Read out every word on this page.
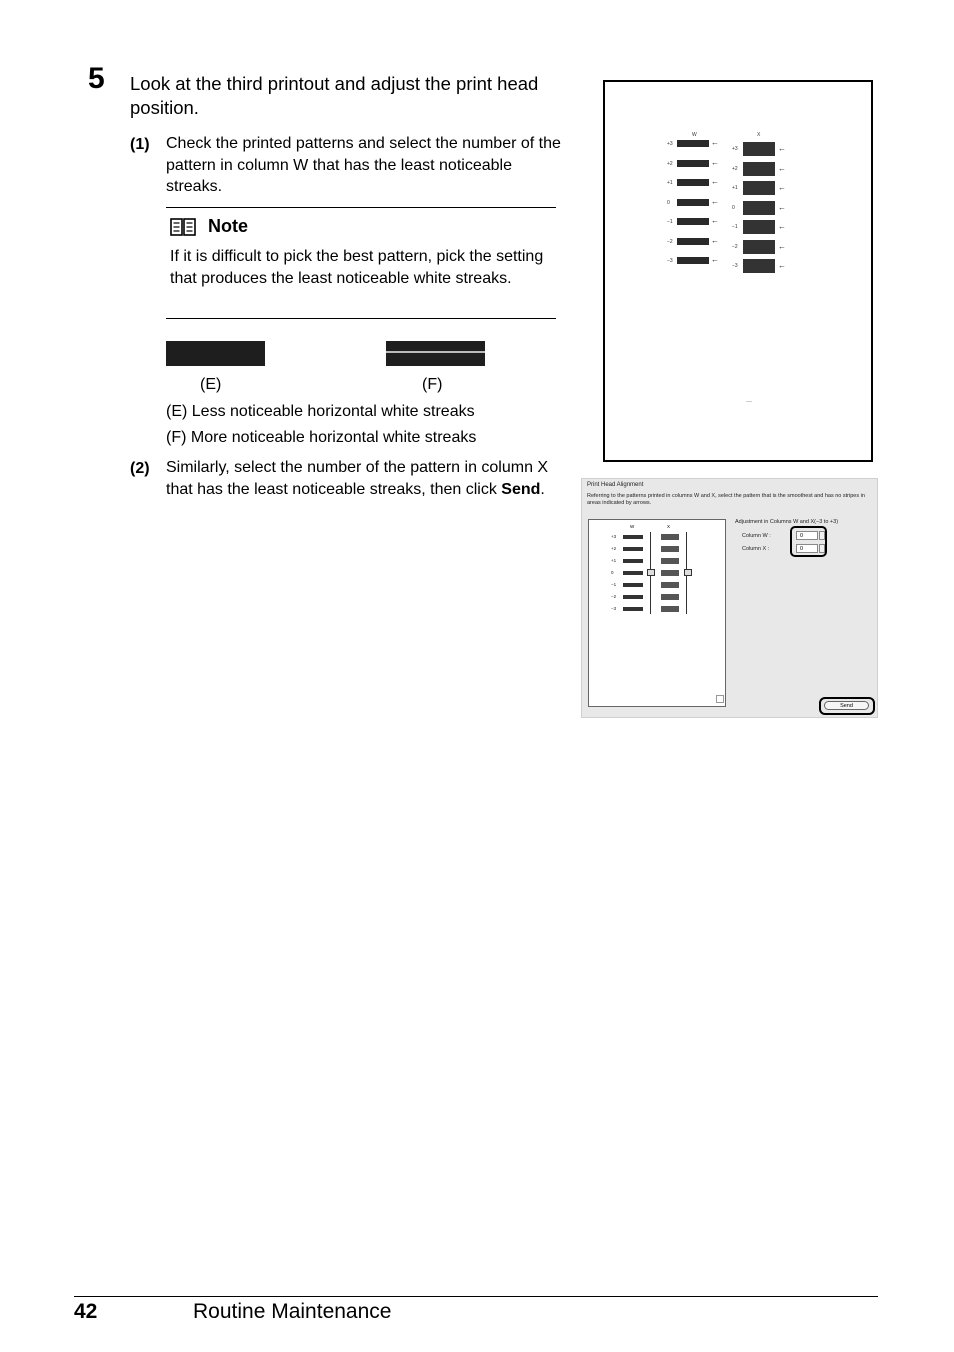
5 Look at the third printout and adjust the print head position.
(1) Check the printed patterns and select the number of the pattern in column W that has the least noticeable streaks.
Note
If it is difficult to pick the best pattern, pick the setting that produces the least noticeable white streaks.
(E)	(F)
(E) Less noticeable horizontal white streaks
(F) More noticeable horizontal white streaks
(2) Similarly, select the number of the pattern in column X that has the least noticeable streaks, then click Send.
W	X
+3	←
+3	←
+2	←
+2	←
+1	←
+1	←
0	←
0	←
−1	←
−1	←
−2	←
−2	←
−3	←
−3	←
Print Head Alignment
Referring to the patterns printed in columns W and X, select the pattern that is the smoothest and has no stripes in areas indicated by arrows.
W	X
+3
+2
+1
0
−1
−2
−3
Adjustment in Columns W and X(−3 to +3)
Column W :	0
Column X :	0
Send
42	Routine Maintenance
